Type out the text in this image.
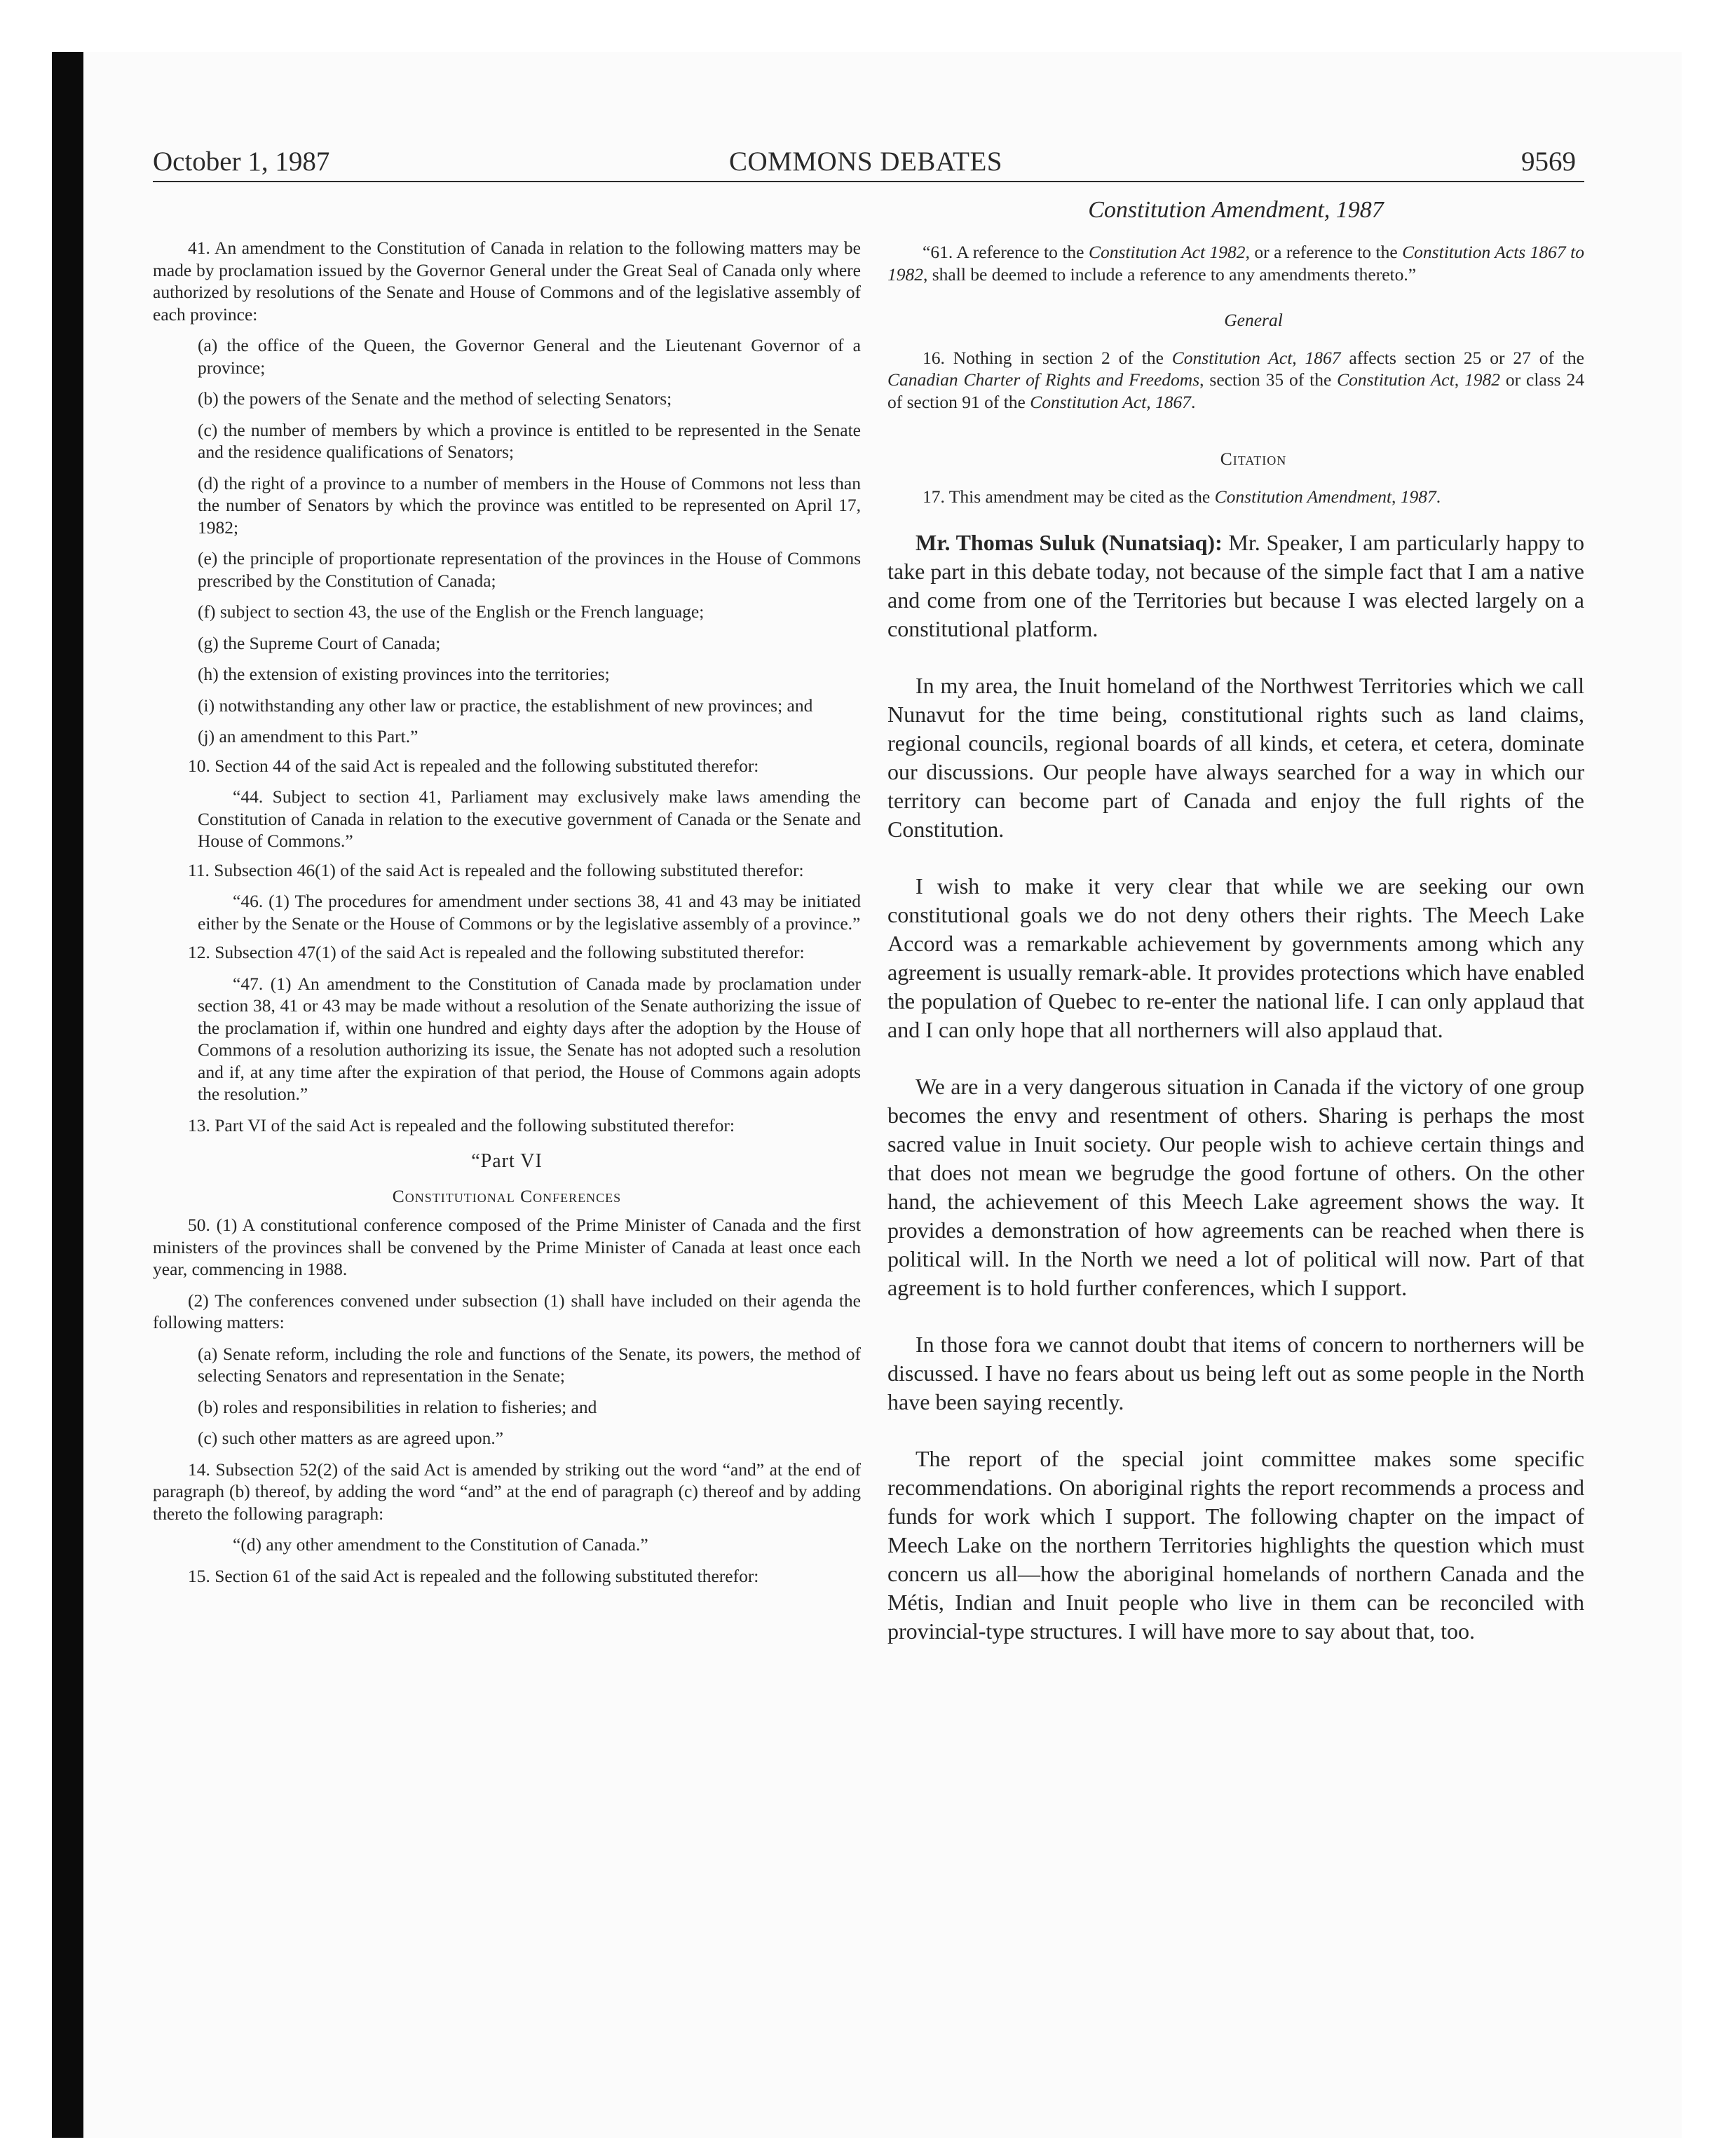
October 1, 1987	COMMONS DEBATES	9569

41. An amendment to the Constitution of Canada in relation to the following matters may be made by proclamation issued by the Governor General under the Great Seal of Canada only where authorized by resolutions of the Senate and House of Commons and of the legislative assembly of each province:

(a) the office of the Queen, the Governor General and the Lieutenant Governor of a province;

(b) the powers of the Senate and the method of selecting Senators;

(c) the number of members by which a province is entitled to be represented in the Senate and the residence qualifications of Senators;

(d) the right of a province to a number of members in the House of Commons not less than the number of Senators by which the province was entitled to be represented on April 17, 1982;

(e) the principle of proportionate representation of the provinces in the House of Commons prescribed by the Constitution of Canada;

(f) subject to section 43, the use of the English or the French language;

(g) the Supreme Court of Canada;

(h) the extension of existing provinces into the territories;

(i) notwithstanding any other law or practice, the establishment of new provinces; and

(j) an amendment to this Part.”

10. Section 44 of the said Act is repealed and the following substituted therefor:

“44. Subject to section 41, Parliament may exclusively make laws amending the Constitution of Canada in relation to the executive government of Canada or the Senate and House of Commons.”

11. Subsection 46(1) of the said Act is repealed and the following substituted therefor:

“46. (1) The procedures for amendment under sections 38, 41 and 43 may be initiated either by the Senate or the House of Commons or by the legislative assembly of a province.”

12. Subsection 47(1) of the said Act is repealed and the following substituted therefor:

“47. (1) An amendment to the Constitution of Canada made by proclamation under section 38, 41 or 43 may be made without a resolution of the Senate authorizing the issue of the proclamation if, within one hundred and eighty days after the adoption by the House of Commons of a resolution authorizing its issue, the Senate has not adopted such a resolution and if, at any time after the expiration of that period, the House of Commons again adopts the resolution.”

13. Part VI of the said Act is repealed and the following substituted therefor:

“Part VI

Constitutional Conferences

50. (1) A constitutional conference composed of the Prime Minister of Canada and the first ministers of the provinces shall be convened by the Prime Minister of Canada at least once each year, commencing in 1988.

(2) The conferences convened under subsection (1) shall have included on their agenda the following matters:

(a) Senate reform, including the role and functions of the Senate, its powers, the method of selecting Senators and representation in the Senate;

(b) roles and responsibilities in relation to fisheries; and

(c) such other matters as are agreed upon.”

14. Subsection 52(2) of the said Act is amended by striking out the word “and” at the end of paragraph (b) thereof, by adding the word “and” at the end of paragraph (c) thereof and by adding thereto the following paragraph:

“(d) any other amendment to the Constitution of Canada.”

15. Section 61 of the said Act is repealed and the following substituted therefor:

Constitution Amendment, 1987

“61. A reference to the Constitution Act 1982, or a reference to the Constitution Acts 1867 to 1982, shall be deemed to include a reference to any amendments thereto.”

General

16. Nothing in section 2 of the Constitution Act, 1867 affects section 25 or 27 of the Canadian Charter of Rights and Freedoms, section 35 of the Constitution Act, 1982 or class 24 of section 91 of the Constitution Act, 1867.

Citation

17. This amendment may be cited as the Constitution Amendment, 1987.

Mr. Thomas Suluk (Nunatsiaq): Mr. Speaker, I am particularly happy to take part in this debate today, not because of the simple fact that I am a native and come from one of the Territories but because I was elected largely on a constitutional platform.

In my area, the Inuit homeland of the Northwest Territories which we call Nunavut for the time being, constitutional rights such as land claims, regional councils, regional boards of all kinds, et cetera, et cetera, dominate our discussions. Our people have always searched for a way in which our territory can become part of Canada and enjoy the full rights of the Constitution.

I wish to make it very clear that while we are seeking our own constitutional goals we do not deny others their rights. The Meech Lake Accord was a remarkable achievement by governments among which any agreement is usually remark-able. It provides protections which have enabled the population of Quebec to re-enter the national life. I can only applaud that and I can only hope that all northerners will also applaud that.

We are in a very dangerous situation in Canada if the victory of one group becomes the envy and resentment of others. Sharing is perhaps the most sacred value in Inuit society. Our people wish to achieve certain things and that does not mean we begrudge the good fortune of others. On the other hand, the achievement of this Meech Lake agreement shows the way. It provides a demonstration of how agreements can be reached when there is political will. In the North we need a lot of political will now. Part of that agreement is to hold further conferences, which I support.

In those fora we cannot doubt that items of concern to northerners will be discussed. I have no fears about us being left out as some people in the North have been saying recently.

The report of the special joint committee makes some specific recommendations. On aboriginal rights the report recommends a process and funds for work which I support. The following chapter on the impact of Meech Lake on the northern Territories highlights the question which must concern us all—how the aboriginal homelands of northern Canada and the Métis, Indian and Inuit people who live in them can be reconciled with provincial-type structures. I will have more to say about that, too.
